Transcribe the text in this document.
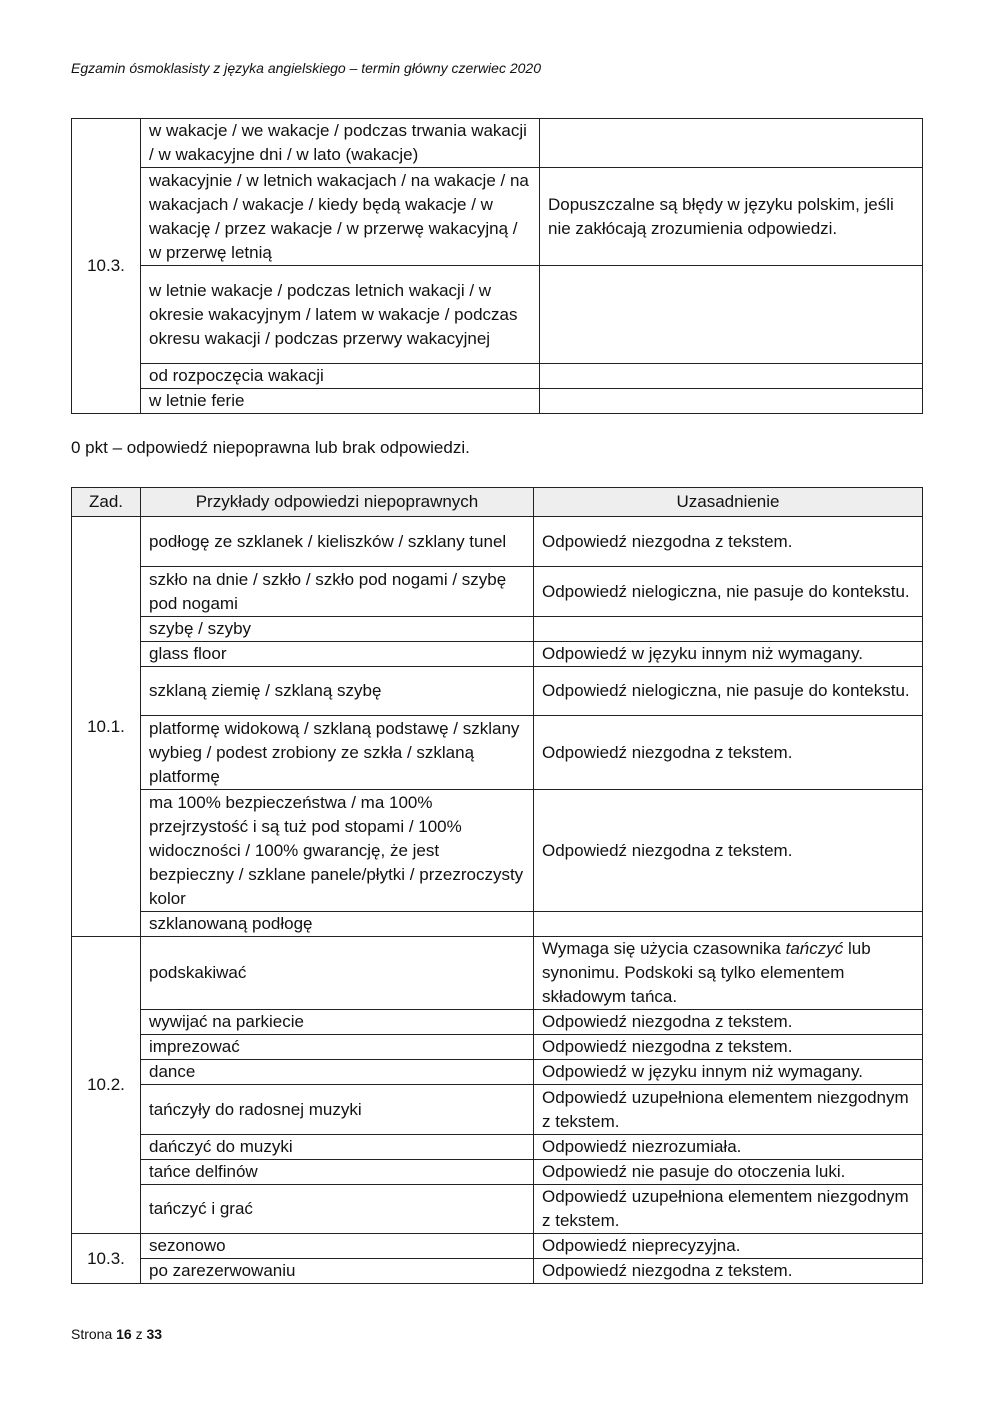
Egzamin ósmoklasisty z języka angielskiego – termin główny czerwiec 2020
10.3.	w wakacje / we wakacje / podczas trwania wakacji / w wakacyjne dni / w lato (wakacje)	
	wakacyjnie / w letnich wakacjach / na wakacje / na wakacjach / wakacje / kiedy będą wakacje / w wakację / przez wakacje / w przerwę wakacyjną / w przerwę letnią	Dopuszczalne są błędy w języku polskim, jeśli nie zakłócają zrozumienia odpowiedzi.
	w letnie wakacje / podczas letnich wakacji / w okresie wakacyjnym / latem w wakacje / podczas okresu wakacji / podczas przerwy wakacyjnej	
	od rozpoczęcia wakacji	
	w letnie ferie	
0 pkt – odpowiedź niepoprawna lub brak odpowiedzi.
Zad.	Przykłady odpowiedzi niepoprawnych	Uzasadnienie
10.1.	podłogę ze szklanek / kieliszków / szklany tunel	Odpowiedź niezgodna z tekstem.
	szkło na dnie / szkło / szkło pod nogami / szybę pod nogami	Odpowiedź nielogiczna, nie pasuje do kontekstu.
	szybę / szyby	
	glass floor	Odpowiedź w języku innym niż wymagany.
	szklaną ziemię / szklaną szybę	Odpowiedź nielogiczna, nie pasuje do kontekstu.
	platformę widokową / szklaną podstawę / szklany wybieg / podest zrobiony ze szkła / szklaną platformę	Odpowiedź niezgodna z tekstem.
	ma 100% bezpieczeństwa / ma 100% przejrzystość i są tuż pod stopami / 100% widoczności / 100% gwarancję, że jest bezpieczny / szklane panele/płytki / przezroczysty kolor	Odpowiedź niezgodna z tekstem.
	szklanowaną podłogę	
10.2.	podskakiwać	Wymaga się użycia czasownika tańczyć lub synonimu. Podskoki są tylko elementem składowym tańca.
	wywijać na parkiecie	Odpowiedź niezgodna z tekstem.
	imprezować	Odpowiedź niezgodna z tekstem.
	dance	Odpowiedź w języku innym niż wymagany.
	tańczyły do radosnej muzyki	Odpowiedź uzupełniona elementem niezgodnym z tekstem.
	dańczyć do muzyki	Odpowiedź niezrozumiała.
	tańce delfinów	Odpowiedź nie pasuje do otoczenia luki.
	tańczyć i grać	Odpowiedź uzupełniona elementem niezgodnym z tekstem.
10.3.	sezonowo	Odpowiedź nieprecyzyjna.
	po zarezerwowaniu	Odpowiedź niezgodna z tekstem.
Strona 16 z 33
